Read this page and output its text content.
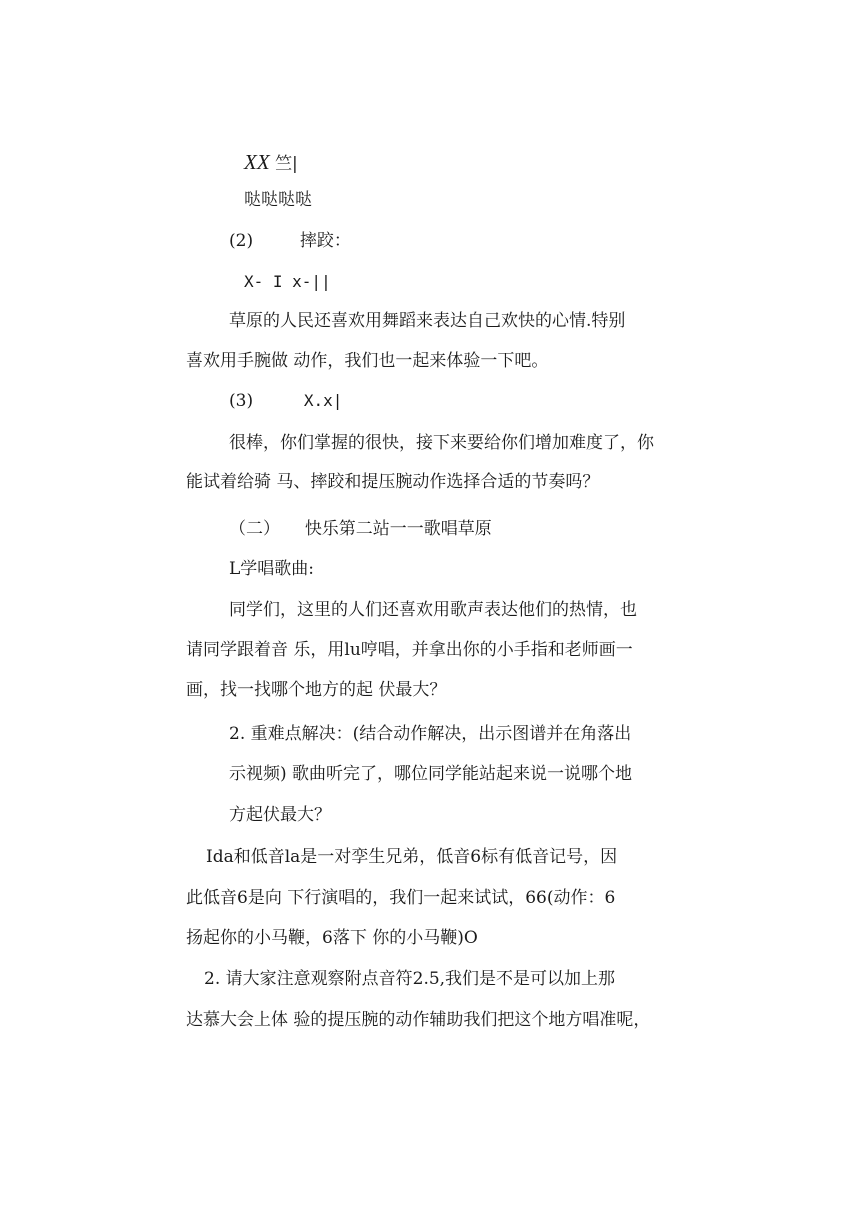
XX 竺|
哒哒哒哒
(2)	摔跤：
X- I x-||
草原的人民还喜欢用舞蹈来表达自己欢快的心情.特别
喜欢用手腕做 动作，我们也一起来体验一下吧。
(3)	X.x|
很棒，你们掌握的很快，接下来要给你们增加难度了，你
能试着给骑 马、摔跤和提压腕动作选择合适的节奏吗？
（二） 快乐第二站一一歌唱草原
L学唱歌曲:
同学们，这里的人们还喜欢用歌声表达他们的热情，也
请同学跟着音 乐，用lu哼唱，并拿出你的小手指和老师画一
画，找一找哪个地方的起 伏最大？
2. 重难点解决：(结合动作解决，出示图谱并在角落出
示视频) 歌曲听完了，哪位同学能站起来说一说哪个地
方起伏最大？
Ida和低音la是一对孪生兄弟，低音6标有低音记号，因
此低音6是向 下行演唱的，我们一起来试试，66(动作：6
扬起你的小马鞭，6落下 你的小马鞭)O
2. 请大家注意观察附点音符2.5,我们是不是可以加上那
达慕大会上体 验的提压腕的动作辅助我们把这个地方唱准呢，
